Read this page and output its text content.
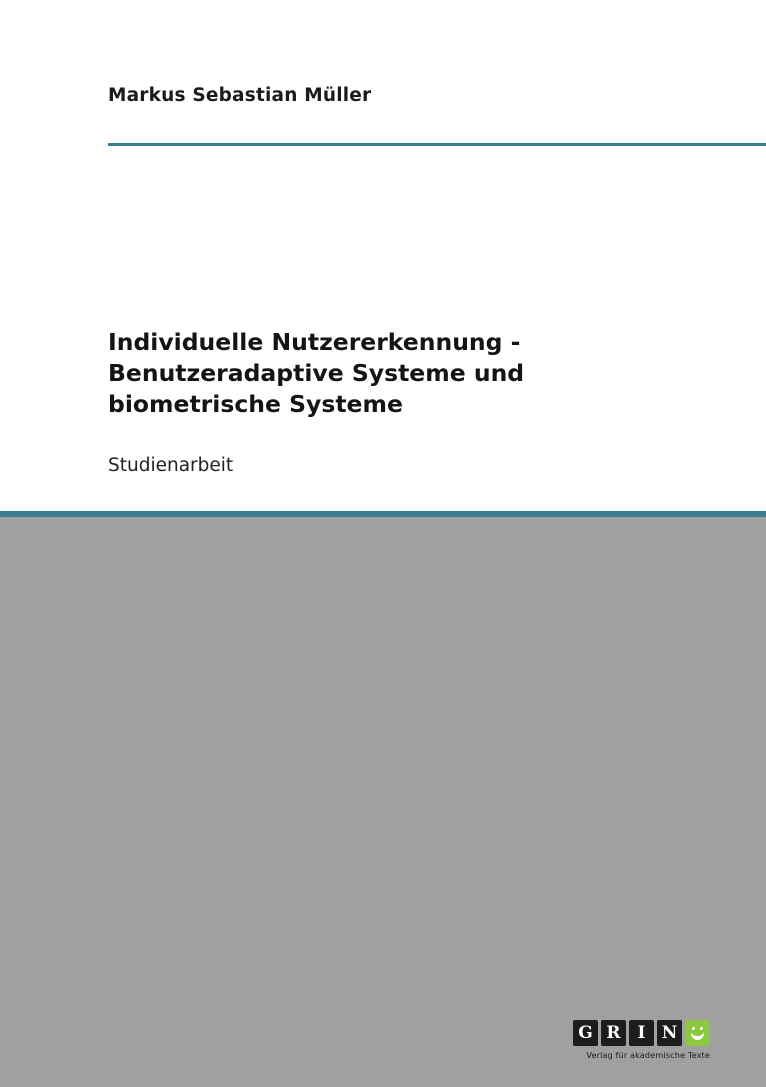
Markus Sebastian Müller
Individuelle Nutzererkennung - Benutzeradaptive Systeme und biometrische Systeme
Studienarbeit
G R I N
Verlag für akademische Texte
